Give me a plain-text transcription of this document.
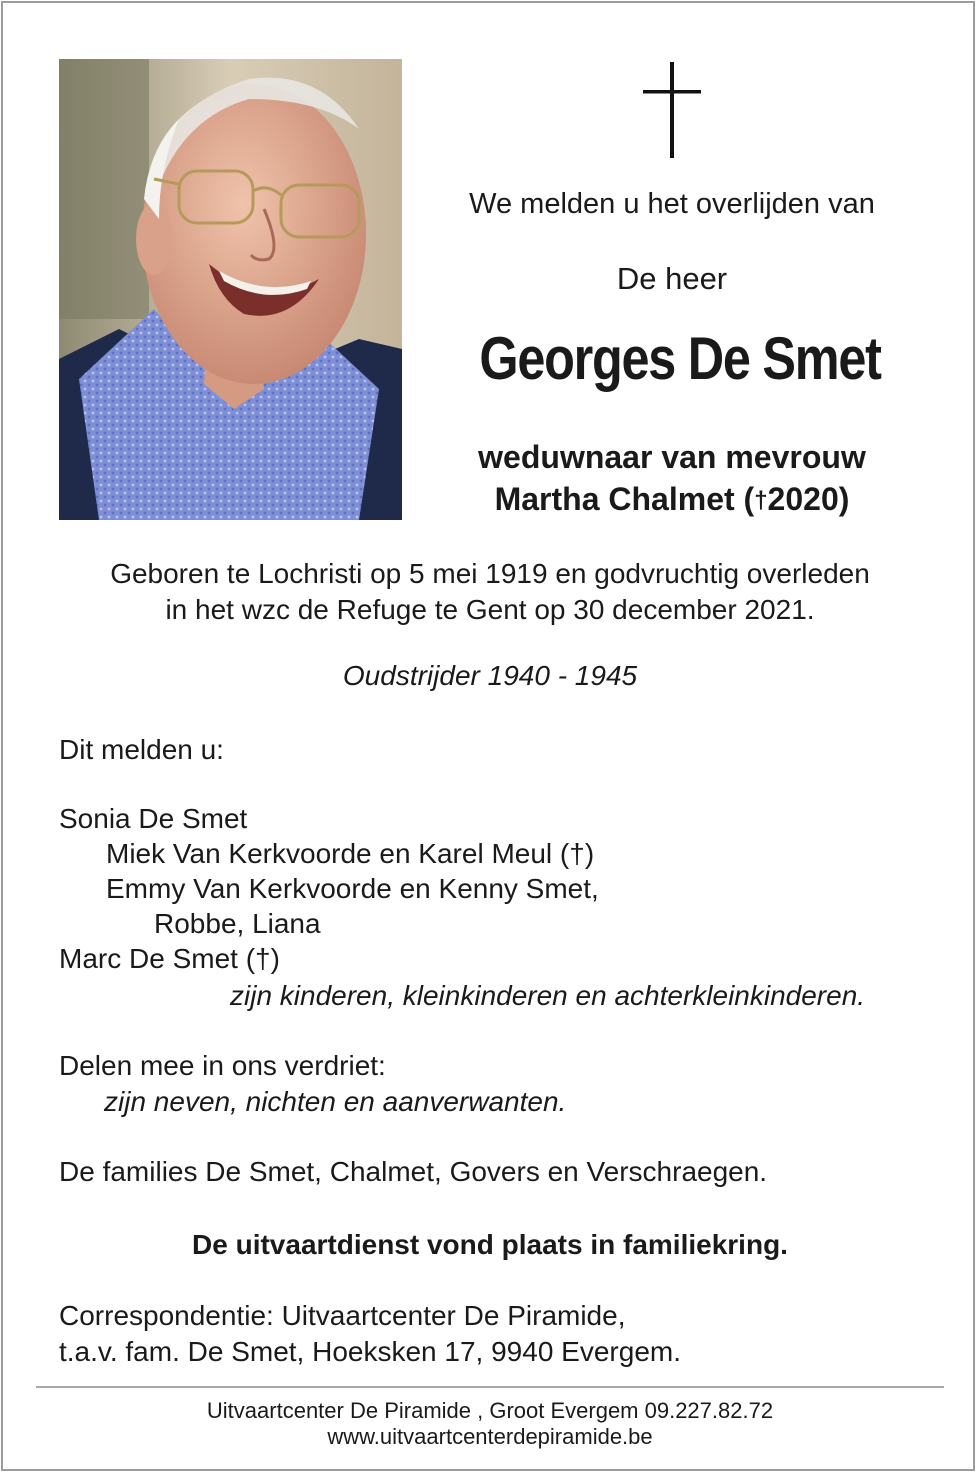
We melden u het overlijden van
De heer
Georges De Smet
weduwnaar van mevrouw
Martha Chalmet (†2020)
Geboren te Lochristi op 5 mei 1919 en godvruchtig overleden
in het wzc de Refuge te Gent op 30 december 2021.
Oudstrijder 1940 - 1945
Dit melden u:
Sonia De Smet
Miek Van Kerkvoorde en Karel Meul (†)
Emmy Van Kerkvoorde en Kenny Smet,
Robbe, Liana
Marc De Smet (†)
zijn kinderen, kleinkinderen en achterkleinkinderen.
Delen mee in ons verdriet:
zijn neven, nichten en aanverwanten.
De families De Smet, Chalmet, Govers en Verschraegen.
De uitvaartdienst vond plaats in familiekring.
Correspondentie: Uitvaartcenter De Piramide,
t.a.v. fam. De Smet, Hoeksken 17, 9940 Evergem.
Uitvaartcenter De Piramide , Groot Evergem 09.227.82.72
www.uitvaartcenterdepiramide.be
